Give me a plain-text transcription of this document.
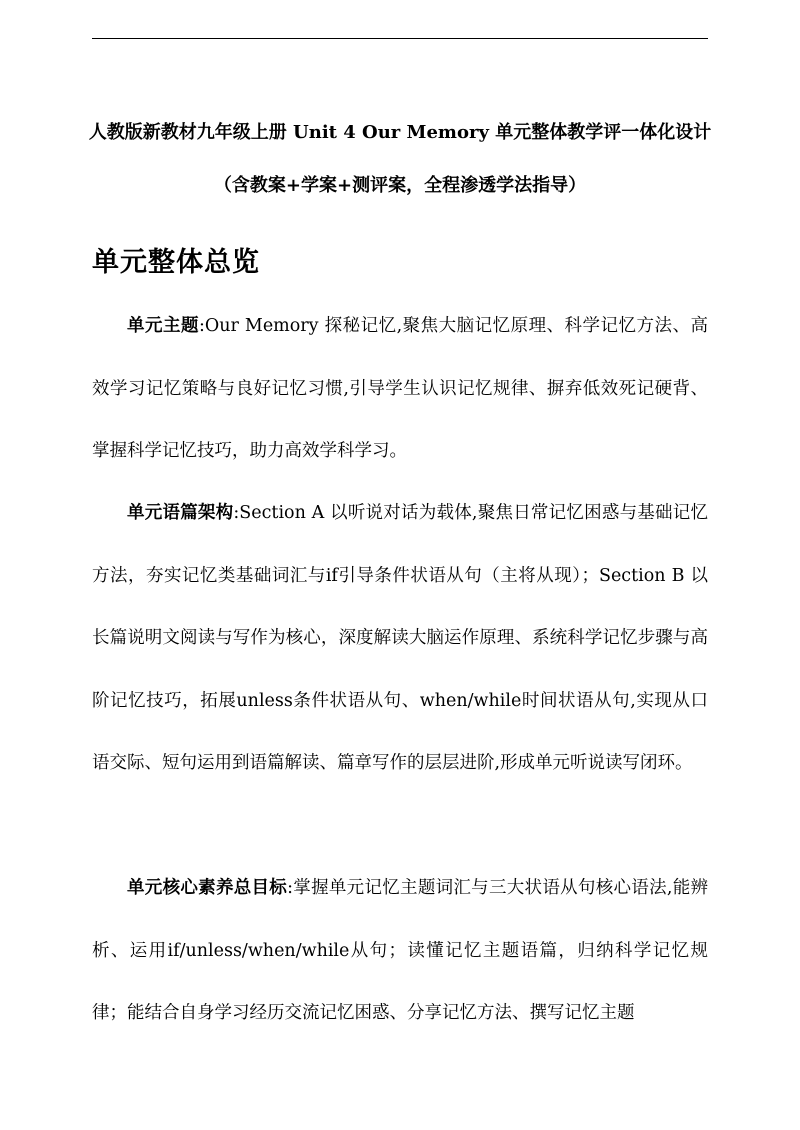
人教版新教材九年级上册 Unit 4 Our Memory 单元整体教学评一体化设计
（含教案+学案+测评案，全程渗透学法指导）
单元整体总览
单元主题:Our Memory 探秘记忆,聚焦大脑记忆原理、科学记忆方法、高效学习记忆策略与良好记忆习惯,引导学生认识记忆规律、摒弃低效死记硬背、掌握科学记忆技巧，助力高效学科学习。
单元语篇架构:Section A 以听说对话为载体,聚焦日常记忆困惑与基础记忆方法，夯实记忆类基础词汇与if引导条件状语从句（主将从现）；Section B 以长篇说明文阅读与写作为核心，深度解读大脑运作原理、系统科学记忆步骤与高阶记忆技巧，拓展unless条件状语从句、when/while时间状语从句,实现从口语交际、短句运用到语篇解读、篇章写作的层层进阶,形成单元听说读写闭环。
单元核心素养总目标:掌握单元记忆主题词汇与三大状语从句核心语法,能辨析、运用if/unless/when/while从句；读懂记忆主题语篇，归纳科学记忆规律；能结合自身学习经历交流记忆困惑、分享记忆方法、撰写记忆主题
